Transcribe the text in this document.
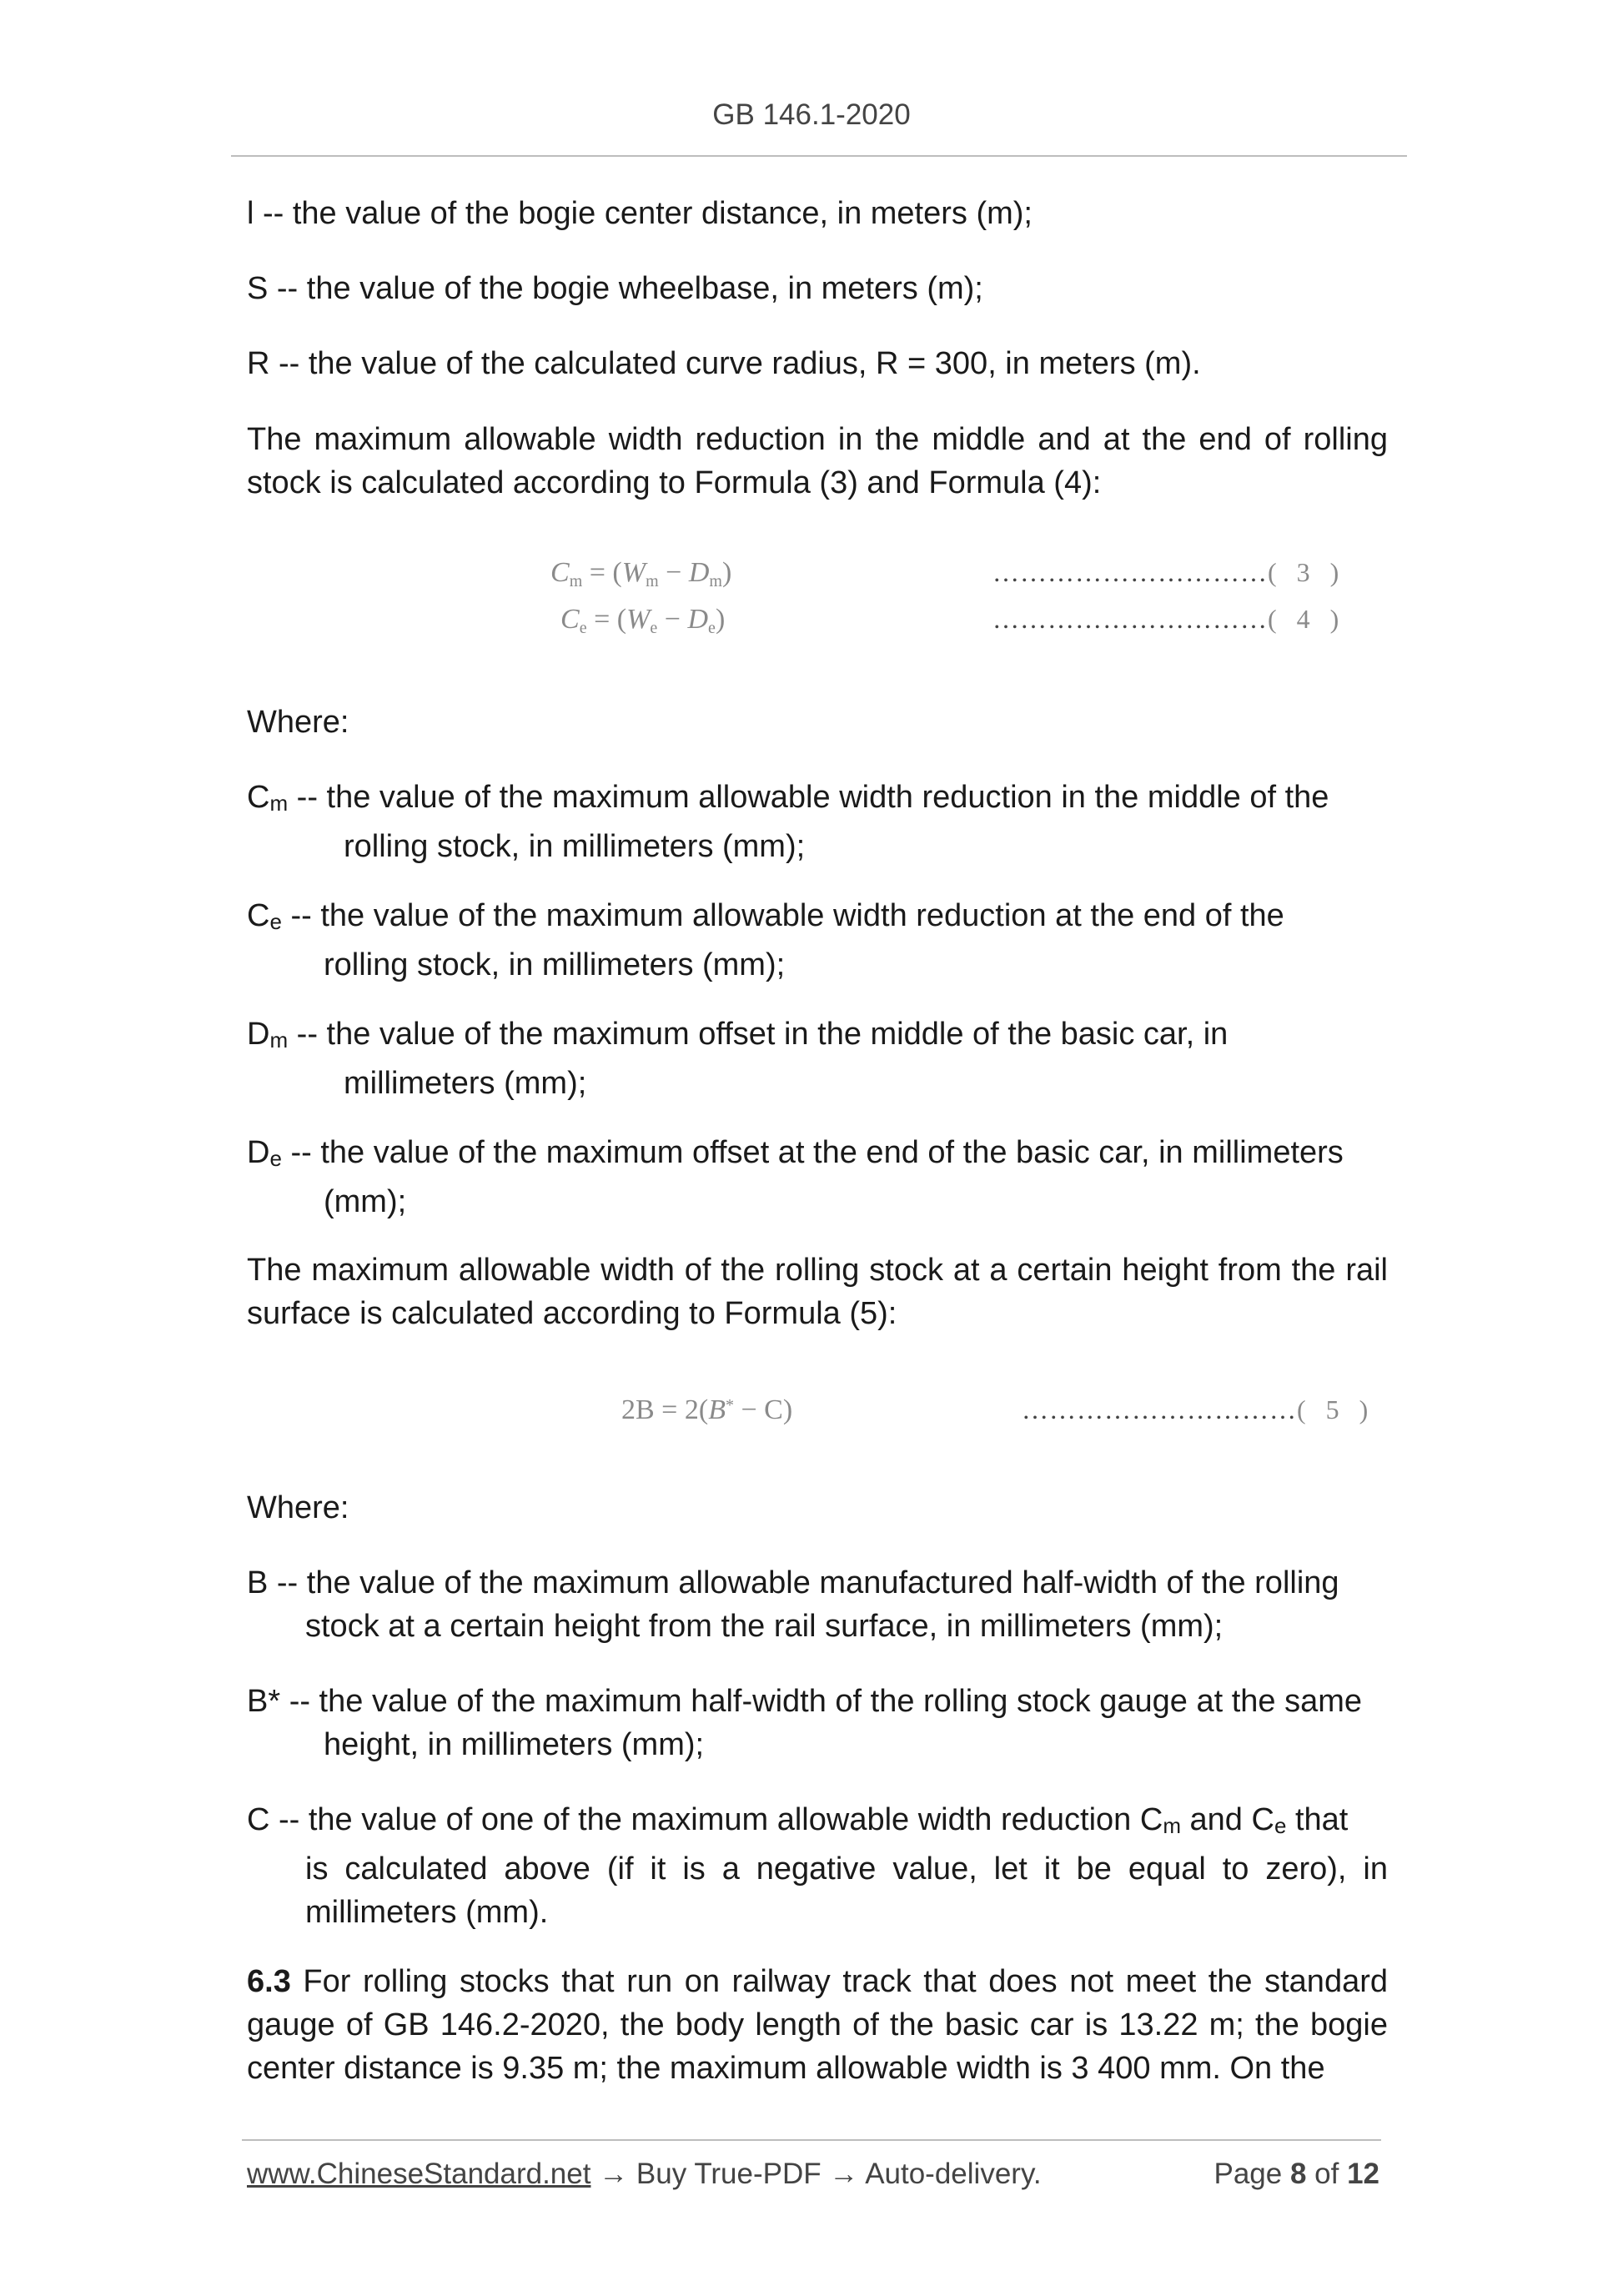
GB 146.1-2020

l -- the value of the bogie center distance, in meters (m);

S -- the value of the bogie wheelbase, in meters (m);

R -- the value of the calculated curve radius, R = 300, in meters (m).

The maximum allowable width reduction in the middle and at the end of rolling stock is calculated according to Formula (3) and Formula (4):

Cm = (Wm − Dm)	…………………………( 3 )
Ce = (We − De)	…………………………( 4 )

Where:

Cm -- the value of the maximum allowable width reduction in the middle of the
rolling stock, in millimeters (mm);

Ce -- the value of the maximum allowable width reduction at the end of the
rolling stock, in millimeters (mm);

Dm -- the value of the maximum offset in the middle of the basic car, in
millimeters (mm);

De -- the value of the maximum offset at the end of the basic car, in millimeters
(mm);

The maximum allowable width of the rolling stock at a certain height from the rail surface is calculated according to Formula (5):

2B = 2(B* − C)	…………………………( 5 )

Where:

B -- the value of the maximum allowable manufactured half-width of the rolling
stock at a certain height from the rail surface, in millimeters (mm);

B* -- the value of the maximum half-width of the rolling stock gauge at the same
height, in millimeters (mm);

C -- the value of one of the maximum allowable width reduction Cm and Ce that
is calculated above (if it is a negative value, let it be equal to zero), in millimeters (mm).

6.3 For rolling stocks that run on railway track that does not meet the standard gauge of GB 146.2-2020, the body length of the basic car is 13.22 m; the bogie center distance is 9.35 m; the maximum allowable width is 3 400 mm. On the

www.ChineseStandard.net → Buy True-PDF → Auto-delivery.	Page 8 of 12
